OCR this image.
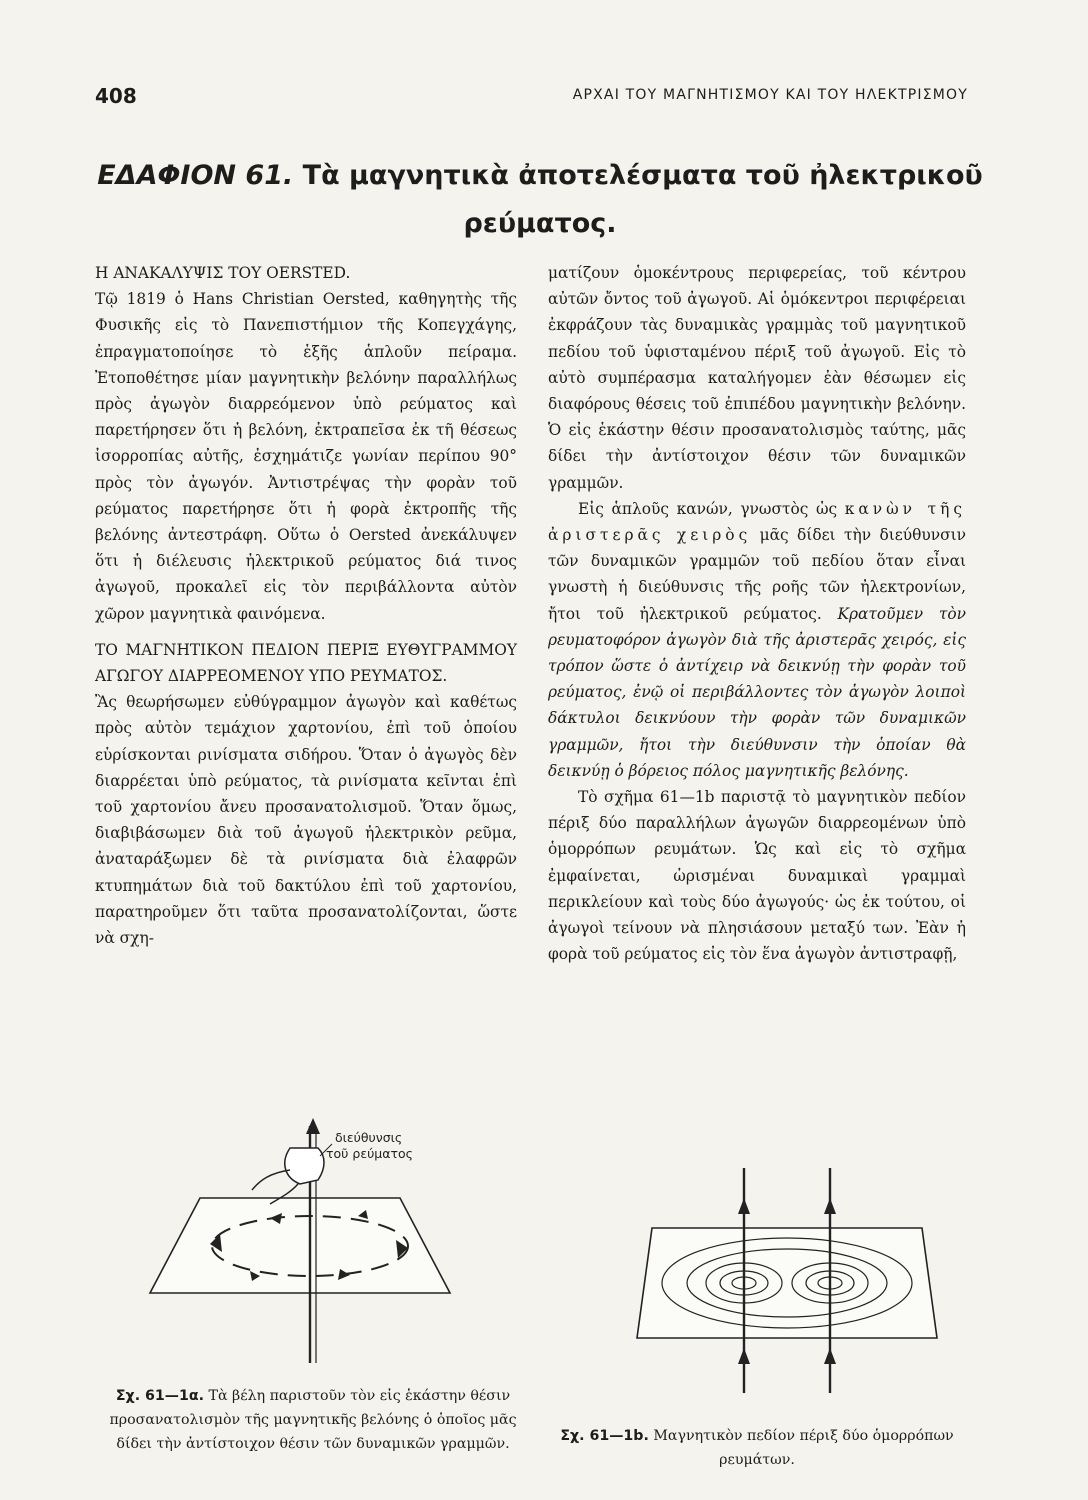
408	ΑΡΧΑΙ ΤΟΥ ΜΑΓΝΗΤΙΣΜΟΥ ΚΑΙ ΤΟΥ ΗΛΕΚΤΡΙΣΜΟΥ
ΕΔΑΦΙΟΝ 61. Τὰ μαγνητικὰ ἀποτελέσματα τοῦ ἠλεκτρικοῦ
ρεύματος.

Η ΑΝΑΚΑΛΥΨΙΣ ΤΟΥ OERSTED.

Τῷ 1819 ὁ Hans Christian Oersted, καθηγητὴς τῆς Φυσικῆς εἰς τὸ Πανεπιστήμιον τῆς Κοπεγχάγης, ἐπραγματοποίησε τὸ ἑξῆς ἁπλοῦν πείραμα. Ἐτοποθέτησε μίαν μαγνητικὴν βελόνην παραλλήλως πρὸς ἀγωγὸν διαρρεόμενον ὑπὸ ρεύματος καὶ παρετήρησεν ὅτι ἡ βελόνη, ἐκτραπεῖσα ἐκ τῆ θέσεως ἰσορροπίας αὐτῆς, ἐσχημάτιζε γωνίαν περίπου 90° πρὸς τὸν ἀγωγόν. Ἀντιστρέψας τὴν φορὰν τοῦ ρεύματος παρετήρησε ὅτι ἡ φορὰ ἐκτροπῆς τῆς βελόνης ἀντεστράφη. Οὕτω ὁ Oersted ἀνεκάλυψεν ὅτι ἡ διέλευσις ἠλεκτρικοῦ ρεύματος διά τινος ἀγωγοῦ, προκαλεῖ εἰς τὸν περιβάλλοντα αὐτὸν χῶρον μαγνητικὰ φαινόμενα.

ΤΟ ΜΑΓΝΗΤΙΚΟΝ ΠΕΔΙΟΝ ΠΕΡΙΞ ΕΥΘΥΓΡΑΜΜΟΥ ΑΓΩΓΟΥ ΔΙΑΡΡΕΟΜΕΝΟΥ ΥΠΟ ΡΕΥΜΑΤΟΣ.

Ἂς θεωρήσωμεν εὐθύγραμμον ἀγωγὸν καὶ καθέτως πρὸς αὐτὸν τεμάχιον χαρτονίου, ἐπὶ τοῦ ὁποίου εὑρίσκονται ρινίσματα σιδήρου. Ὅταν ὁ ἀγωγὸς δὲν διαρρέεται ὑπὸ ρεύματος, τὰ ρινίσματα κεῖνται ἐπὶ τοῦ χαρτονίου ἄνευ προσανατολισμοῦ. Ὅταν ὅμως, διαβιβάσωμεν διὰ τοῦ ἀγωγοῦ ἠλεκτρικὸν ρεῦμα, ἀναταράξωμεν δὲ τὰ ρινίσματα διὰ ἐλαφρῶν κτυπημάτων διὰ τοῦ δακτύλου ἐπὶ τοῦ χαρτονίου, παρατηροῦμεν ὅτι ταῦτα προσανατολίζονται, ὥστε νὰ σχη-

ματίζουν ὁμοκέντρους περιφερείας, τοῦ κέντρου αὐτῶν ὄντος τοῦ ἀγωγοῦ. Αἱ ὁμόκεντροι περιφέρειαι ἐκφράζουν τὰς δυναμικὰς γραμμὰς τοῦ μαγνητικοῦ πεδίου τοῦ ὑφισταμένου πέριξ τοῦ ἀγωγοῦ. Εἰς τὸ αὐτὸ συμπέρασμα καταλήγομεν ἐὰν θέσωμεν εἰς διαφόρους θέσεις τοῦ ἐπιπέδου μαγνητικὴν βελόνην. Ὁ εἰς ἑκάστην θέσιν προσανατολισμὸς ταύτης, μᾶς δίδει τὴν ἀντίστοιχον θέσιν τῶν δυναμικῶν γραμμῶν.

Εἰς ἁπλοῦς κανών, γνωστὸς ὡς κανὼν τῆς ἀριστερᾶς χειρὸς μᾶς δίδει τὴν διεύθυνσιν τῶν δυναμικῶν γραμμῶν τοῦ πεδίου ὅταν εἶναι γνωστὴ ἡ διεύθυνσις τῆς ροῆς τῶν ἠλεκτρονίων, ἤτοι τοῦ ἠλεκτρικοῦ ρεύματος. Κρατοῦμεν τὸν ρευματοφόρον ἀγωγὸν διὰ τῆς ἀριστερᾶς χειρός, εἰς τρόπον ὥστε ὁ ἀντίχειρ νὰ δεικνύῃ τὴν φορὰν τοῦ ρεύματος, ἐνῷ οἱ περιβάλλοντες τὸν ἀγωγὸν λοιποὶ δάκτυλοι δεικνύουν τὴν φορὰν τῶν δυναμικῶν γραμμῶν, ἤτοι τὴν διεύθυνσιν τὴν ὁποίαν θὰ δεικνύῃ ὁ βόρειος πόλος μαγνητικῆς βελόνης.

Τὸ σχῆμα 61—1b παριστᾷ τὸ μαγνητικὸν πεδίον πέριξ δύο παραλλήλων ἀγωγῶν διαρρεομένων ὑπὸ ὁμορρόπων ρευμάτων. Ὡς καὶ εἰς τὸ σχῆμα ἐμφαίνεται, ὡρισμέναι δυναμικαὶ γραμμαὶ περικλείουν καὶ τοὺς δύο ἀγωγούς· ὡς ἐκ τούτου, οἱ ἀγωγοὶ τείνουν νὰ πλησιάσουν μεταξύ των. Ἐὰν ἡ φορὰ τοῦ ρεύματος εἰς τὸν ἕνα ἀγωγὸν ἀντιστραφῇ,

διεύθυνσις
τοῦ ρεύματος
Σχ. 61—1α. Τὰ βέλη παριστοῦν τὸν εἰς ἑκάστην θέσιν προσανατολισμὸν τῆς μαγνητικῆς βελόνης ὁ ὁποῖος μᾶς δίδει τὴν ἀντίστοιχον θέσιν τῶν δυναμικῶν γραμμῶν.	Σχ. 61—1b. Μαγνητικὸν πεδίον πέριξ δύο ὁμορρόπων ρευμάτων.
